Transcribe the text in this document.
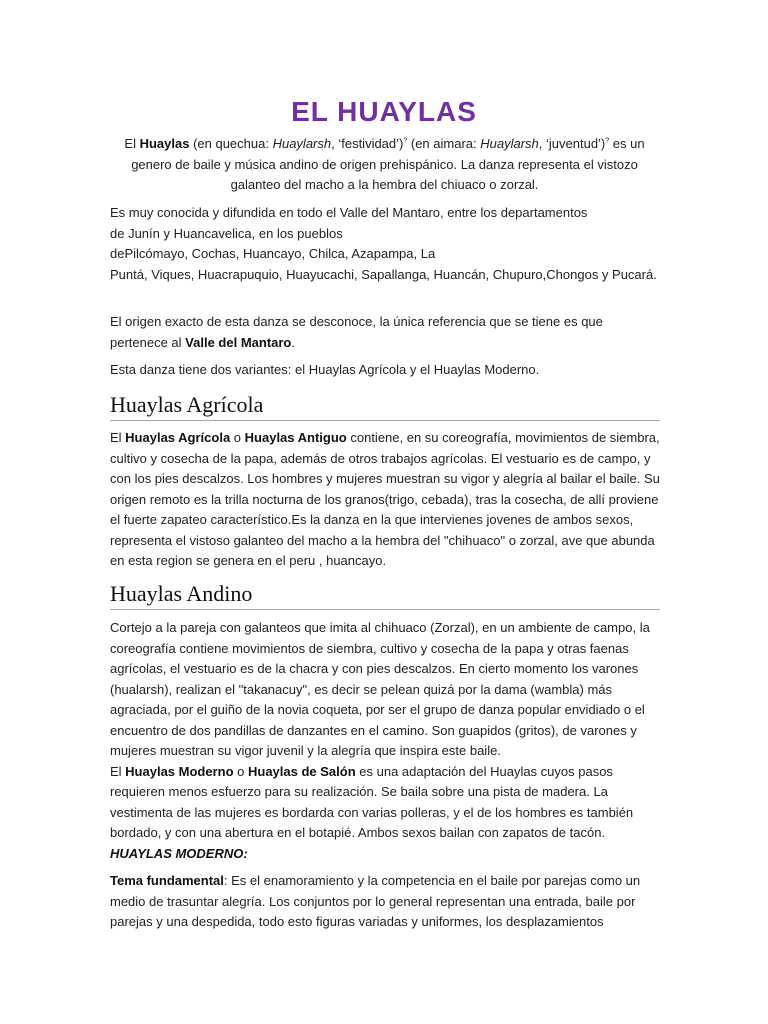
EL HUAYLAS

El Huaylas (en quechua: Huaylarsh, ‘festividad’)? (en aimara: Huaylarsh, ‘juventud’)? es un genero de baile y música andino de origen prehispánico. La danza representa el vistozo galanteo del macho a la hembra del chiuaco o zorzal.

Es muy conocida y difundida en todo el Valle del Mantaro, entre los departamentos
de Junín y Huancavelica, en los pueblos
dePilcómayo, Cochas, Huancayo, Chilca, Azapampa, La
Puntá, Viques, Huacrapuquio, Huayucachi, Sapallanga, Huancán, Chupuro,Chongos y Pucará.

El origen exacto de esta danza se desconoce, la única referencia que se tiene es que pertenece al Valle del Mantaro.

Esta danza tiene dos variantes: el Huaylas Agrícola y el Huaylas Moderno.

Huaylas Agrícola

El Huaylas Agrícola o Huaylas Antiguo contiene, en su coreografía, movimientos de siembra, cultivo y cosecha de la papa, además de otros trabajos agrícolas. El vestuario es de campo, y con los pies descalzos. Los hombres y mujeres muestran su vigor y alegría al bailar el baile. Su origen remoto es la trilla nocturna de los granos(trigo, cebada), tras la cosecha, de allí proviene el fuerte zapateo característico.Es la danza en la que intervienes jovenes de ambos sexos, representa el vistoso galanteo del macho a la hembra del "chihuaco" o zorzal, ave que abunda en esta region se genera en el peru , huancayo.

Huaylas Andino

Cortejo a la pareja con galanteos que imita al chihuaco (Zorzal), en un ambiente de campo, la coreografía contiene movimientos de siembra, cultivo y cosecha de la papa y otras faenas agrícolas, el vestuario es de la chacra y con pies descalzos. En cierto momento los varones (hualarsh), realizan el "takanacuy", es decir se pelean quizá por la dama (wambla) más agraciada, por el guiño de la novia coqueta, por ser el grupo de danza popular envidiado o el encuentro de dos pandillas de danzantes en el camino. Son guapidos (gritos), de varones y mujeres muestran su vigor juvenil y la alegría que inspira este baile.
El Huaylas Moderno o Huaylas de Salón es una adaptación del Huaylas cuyos pasos requieren menos esfuerzo para su realización. Se baila sobre una pista de madera. La vestimenta de las mujeres es bordarda con varias polleras, y el de los hombres es también bordado, y con una abertura en el botapié. Ambos sexos bailan con zapatos de tacón.
HUAYLAS MODERNO:

Tema fundamental: Es el enamoramiento y la competencia en el baile por parejas como un medio de trasuntar alegría. Los conjuntos por lo general representan una entrada, baile por parejas y una despedida, todo esto figuras variadas y uniformes, los desplazamientos
